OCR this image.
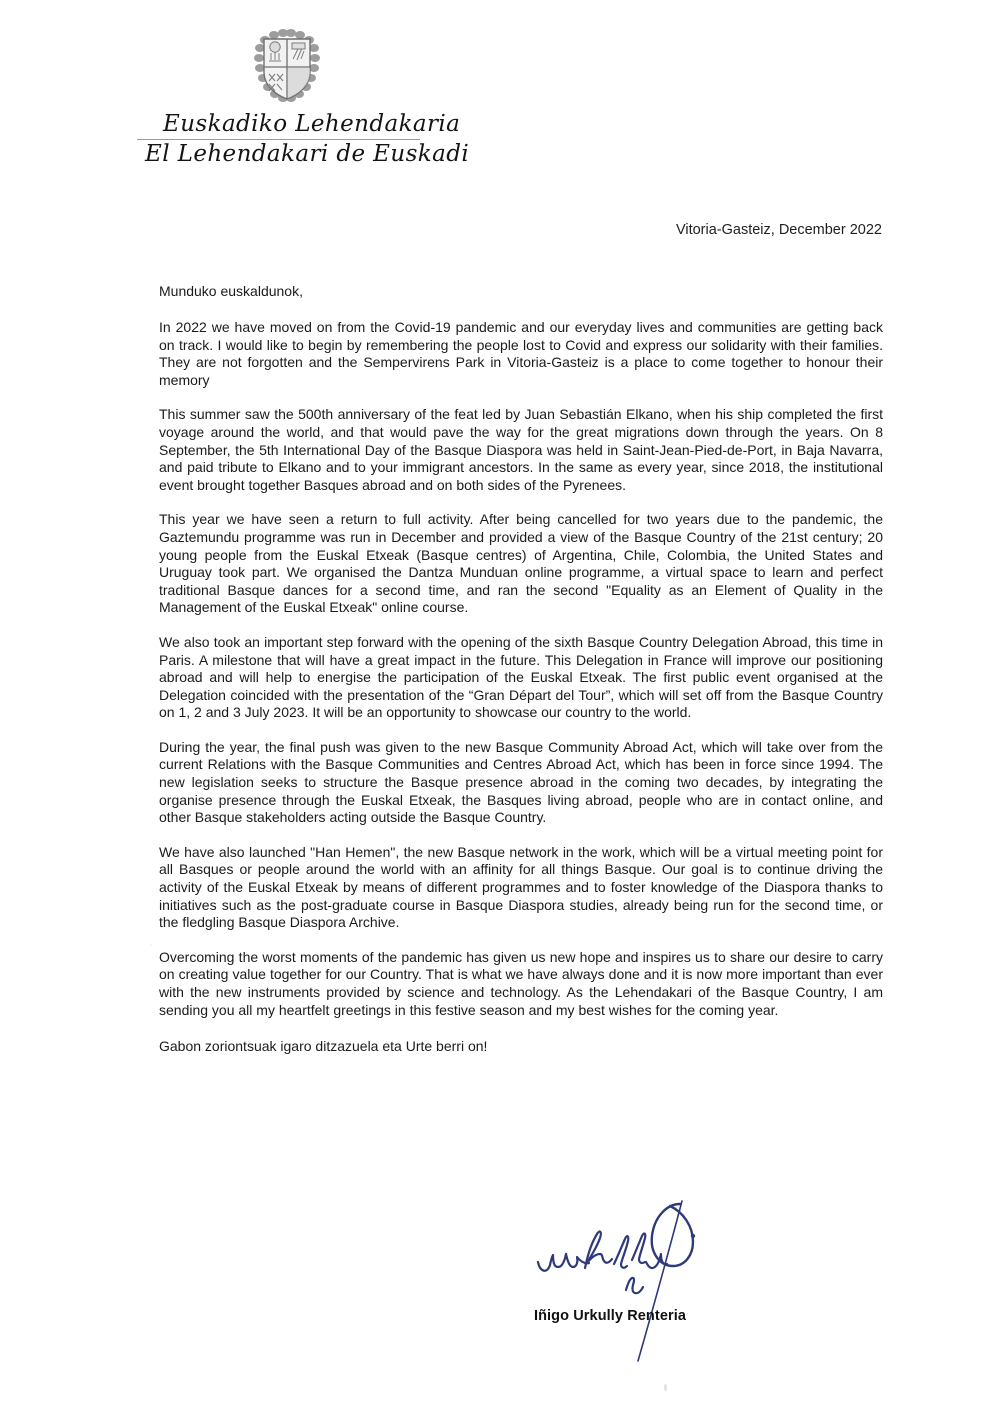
Euskadiko Lehendakaria
El Lehendakari de Euskadi
Vitoria-Gasteiz, December 2022
Munduko euskaldunok,

In 2022 we have moved on from the Covid-19 pandemic and our everyday lives and communities are getting back on track. I would like to begin by remembering the people lost to Covid and express our solidarity with their families. They are not forgotten and the Sempervirens Park in Vitoria-Gasteiz is a place to come together to honour their memory

This summer saw the 500th anniversary of the feat led by Juan Sebastián Elkano, when his ship completed the first voyage around the world, and that would pave the way for the great migrations down through the years. On 8 September, the 5th International Day of the Basque Diaspora was held in Saint-Jean-Pied-de-Port, in Baja Navarra, and paid tribute to Elkano and to your immigrant ancestors. In the same as every year, since 2018, the institutional event brought together Basques abroad and on both sides of the Pyrenees.

This year we have seen a return to full activity. After being cancelled for two years due to the pandemic, the Gaztemundu programme was run in December and provided a view of the Basque Country of the 21st century; 20 young people from the Euskal Etxeak (Basque centres) of Argentina, Chile, Colombia, the United States and Uruguay took part. We organised the Dantza Munduan online programme, a virtual space to learn and perfect traditional Basque dances for a second time, and ran the second "Equality as an Element of Quality in the Management of the Euskal Etxeak" online course.

We also took an important step forward with the opening of the sixth Basque Country Delegation Abroad, this time in Paris. A milestone that will have a great impact in the future. This Delegation in France will improve our positioning abroad and will help to energise the participation of the Euskal Etxeak. The first public event organised at the Delegation coincided with the presentation of the “Gran Départ del Tour”, which will set off from the Basque Country on 1, 2 and 3 July 2023. It will be an opportunity to showcase our country to the world.

During the year, the final push was given to the new Basque Community Abroad Act, which will take over from the current Relations with the Basque Communities and Centres Abroad Act, which has been in force since 1994. The new legislation seeks to structure the Basque presence abroad in the coming two decades, by integrating the organise presence through the Euskal Etxeak, the Basques living abroad, people who are in contact online, and other Basque stakeholders acting outside the Basque Country.

We have also launched "Han Hemen", the new Basque network in the work, which will be a virtual meeting point for all Basques or people around the world with an affinity for all things Basque. Our goal is to continue driving the activity of the Euskal Etxeak by means of different programmes and to foster knowledge of the Diaspora thanks to initiatives such as the post-graduate course in Basque Diaspora studies, already being run for the second time, or the fledgling Basque Diaspora Archive.

Overcoming the worst moments of the pandemic has given us new hope and inspires us to share our desire to carry on creating value together for our Country. That is what we have always done and it is now more important than ever with the new instruments provided by science and technology. As the Lehendakari of the Basque Country, I am sending you all my heartfelt greetings in this festive season and my best wishes for the coming year.

Gabon zoriontsuak igaro ditzazuela eta Urte berri on!
Iñigo Urkully Renteria
